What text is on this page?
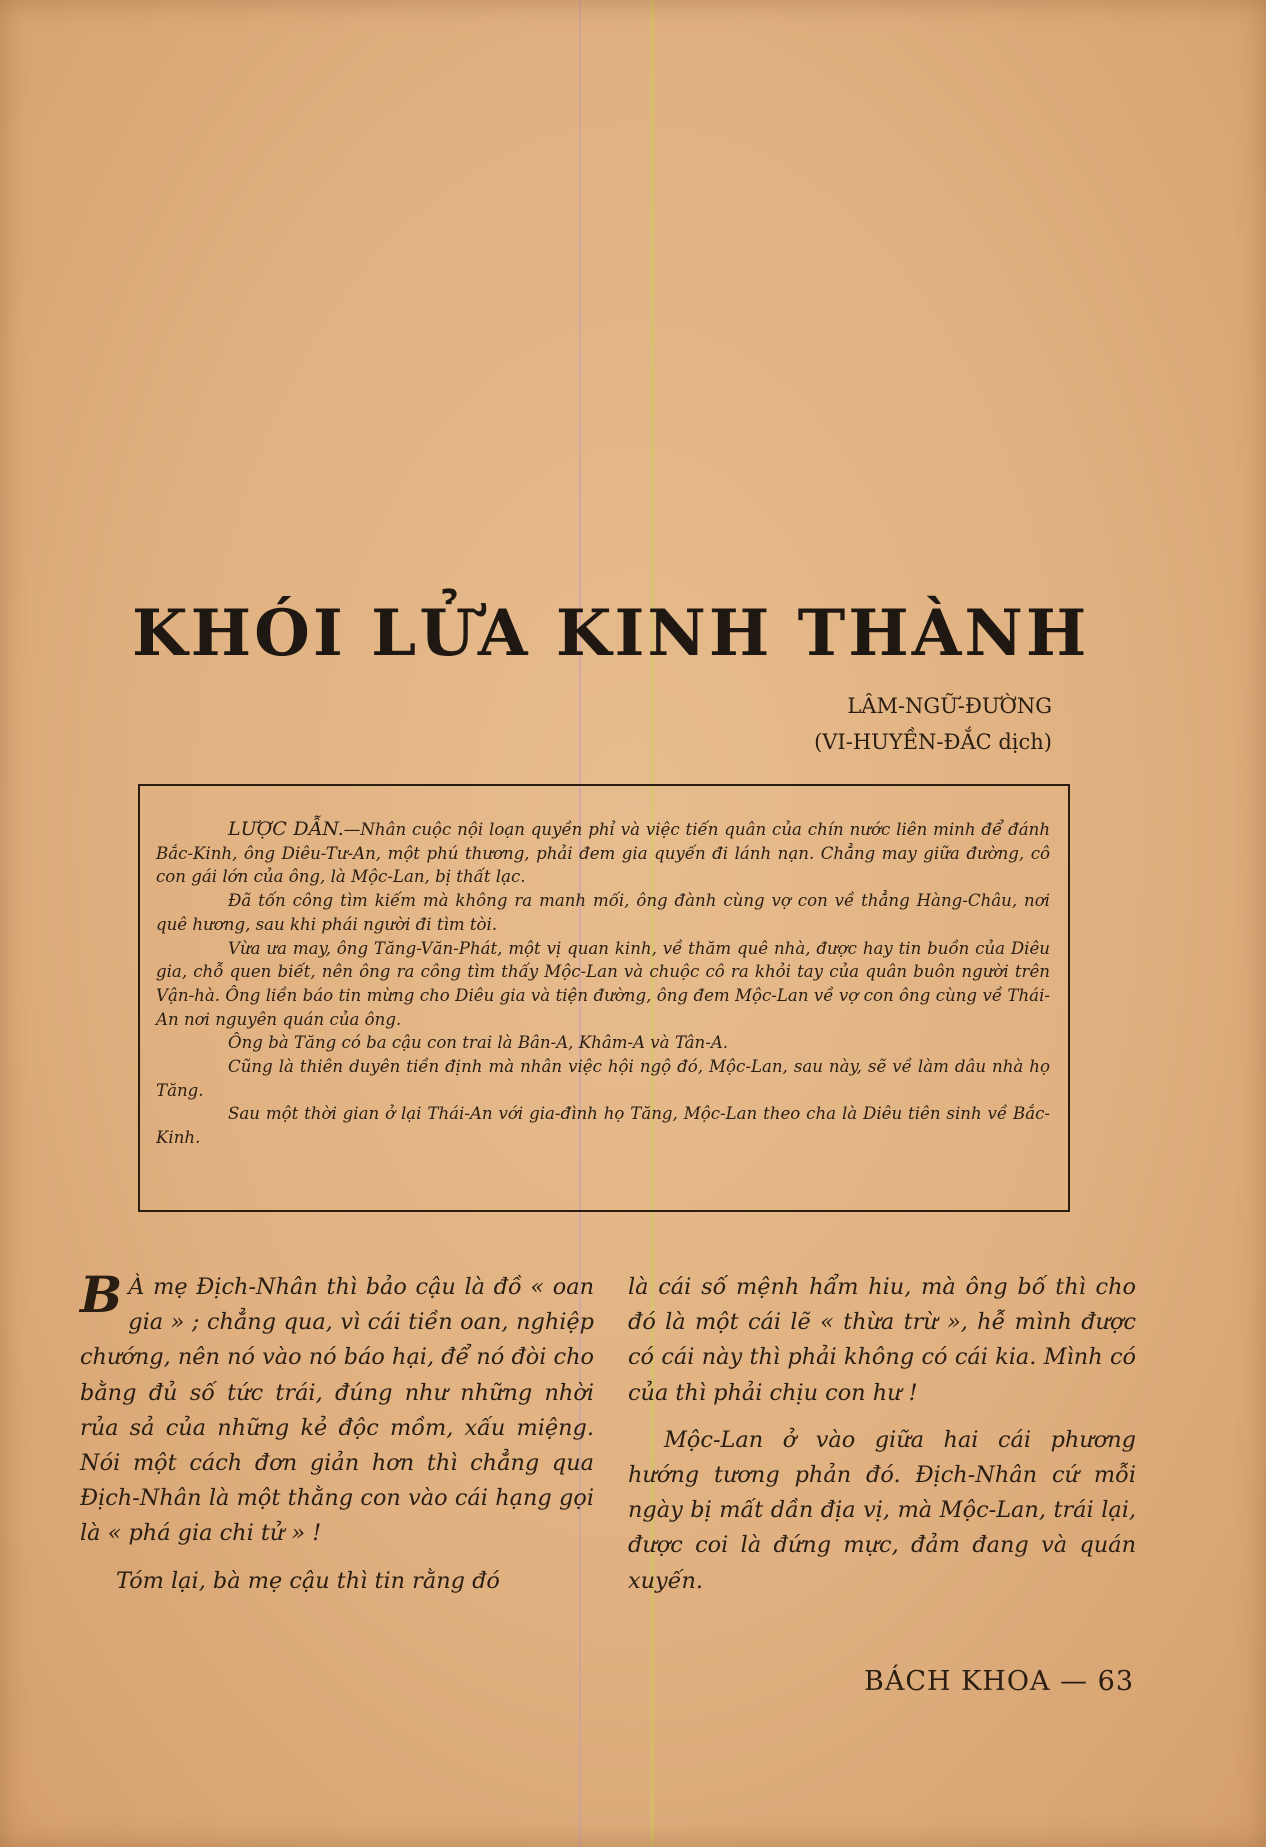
KHÓI LỬA KINH THÀNH
LÂM-NGỮ-ĐƯỜNG
(VI-HUYỀN-ĐẮC dịch)

LƯỢC DẪN.—Nhân cuộc nội loạn quyền phỉ và việc tiến quân của chín nước liên minh để đánh Bắc-Kinh, ông Diêu-Tư-An, một phú thương, phải đem gia quyến đi lánh nạn. Chẳng may giữa đường, cô con gái lớn của ông, là Mộc-Lan, bị thất lạc.

Đã tốn công tìm kiếm mà không ra manh mối, ông đành cùng vợ con về thẳng Hàng-Châu, nơi quê hương, sau khi phái người đi tìm tòi.

Vừa ưa may, ông Tăng-Văn-Phát, một vị quan kinh, về thăm quê nhà, được hay tin buồn của Diêu gia, chỗ quen biết, nên ông ra công tìm thấy Mộc-Lan và chuộc cô ra khỏi tay của quân buôn người trên Vận-hà. Ông liền báo tin mừng cho Diêu gia và tiện đường, ông đem Mộc-Lan về vợ con ông cùng về Thái-An nơi nguyên quán của ông.

Ông bà Tăng có ba cậu con trai là Bân-A, Khâm-A và Tân-A.

Cũng là thiên duyên tiền định mà nhân việc hội ngộ đó, Mộc-Lan, sau này, sẽ về làm dâu nhà họ Tăng.

Sau một thời gian ở lại Thái-An với gia-đình họ Tăng, Mộc-Lan theo cha là Diêu tiên sinh về Bắc-Kinh.

B À mẹ Địch-Nhân thì bảo cậu là đồ « oan gia » ; chẳng qua, vì cái tiền oan, nghiệp chướng, nên nó vào nó báo hại, để nó đòi cho bằng đủ số tức trái, đúng như những nhời rủa sả của những kẻ độc mồm, xấu miệng. Nói một cách đơn giản hơn thì chẳng qua Địch-Nhân là một thằng con vào cái hạng gọi là « phá gia chi tử » !

Tóm lại, bà mẹ cậu thì tin rằng đó

là cái số mệnh hẩm hiu, mà ông bố thì cho đó là một cái lẽ « thừa trừ », hễ mình được có cái này thì phải không có cái kia. Mình có của thì phải chịu con hư !

Mộc-Lan ở vào giữa hai cái phương hướng tương phản đó. Địch-Nhân cứ mỗi ngày bị mất dần địa vị, mà Mộc-Lan, trái lại, được coi là đứng mực, đảm đang và quán xuyến.

BÁCH KHOA — 63
